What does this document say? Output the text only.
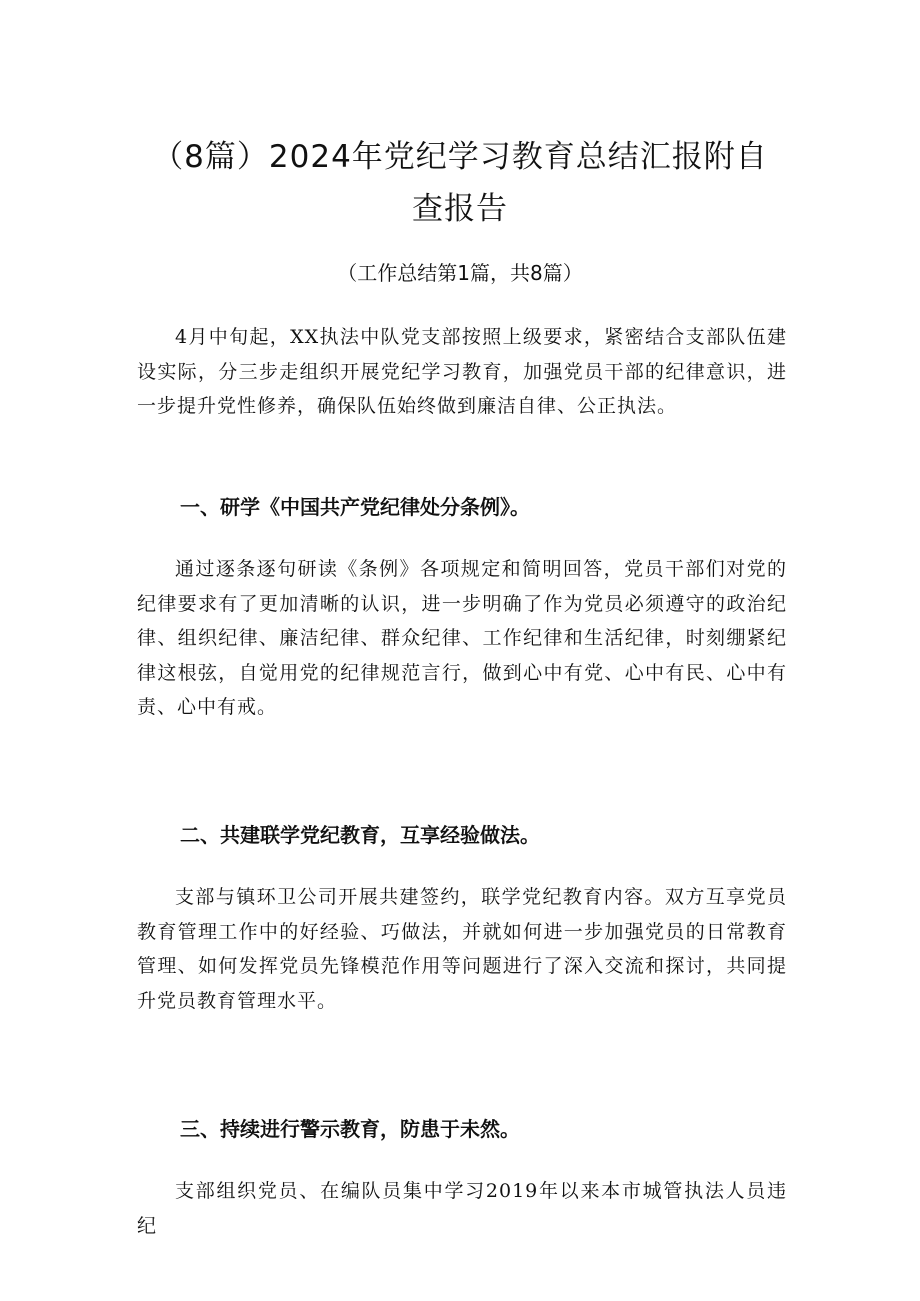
（8篇）2024年党纪学习教育总结汇报附自查报告
（工作总结第1篇，共8篇）

4月中旬起，XX执法中队党支部按照上级要求，紧密结合支部队伍建设实际，分三步走组织开展党纪学习教育，加强党员干部的纪律意识，进一步提升党性修养，确保队伍始终做到廉洁自律、公正执法。

一、研学《中国共产党纪律处分条例》。

通过逐条逐句研读《条例》各项规定和简明回答，党员干部们对党的纪律要求有了更加清晰的认识，进一步明确了作为党员必须遵守的政治纪律、组织纪律、廉洁纪律、群众纪律、工作纪律和生活纪律，时刻绷紧纪律这根弦，自觉用党的纪律规范言行，做到心中有党、心中有民、心中有责、心中有戒。

二、共建联学党纪教育，互享经验做法。

支部与镇环卫公司开展共建签约，联学党纪教育内容。双方互享党员教育管理工作中的好经验、巧做法，并就如何进一步加强党员的日常教育管理、如何发挥党员先锋模范作用等问题进行了深入交流和探讨，共同提升党员教育管理水平。

三、持续进行警示教育，防患于未然。

支部组织党员、在编队员集中学习2019年以来本市城管执法人员违纪
